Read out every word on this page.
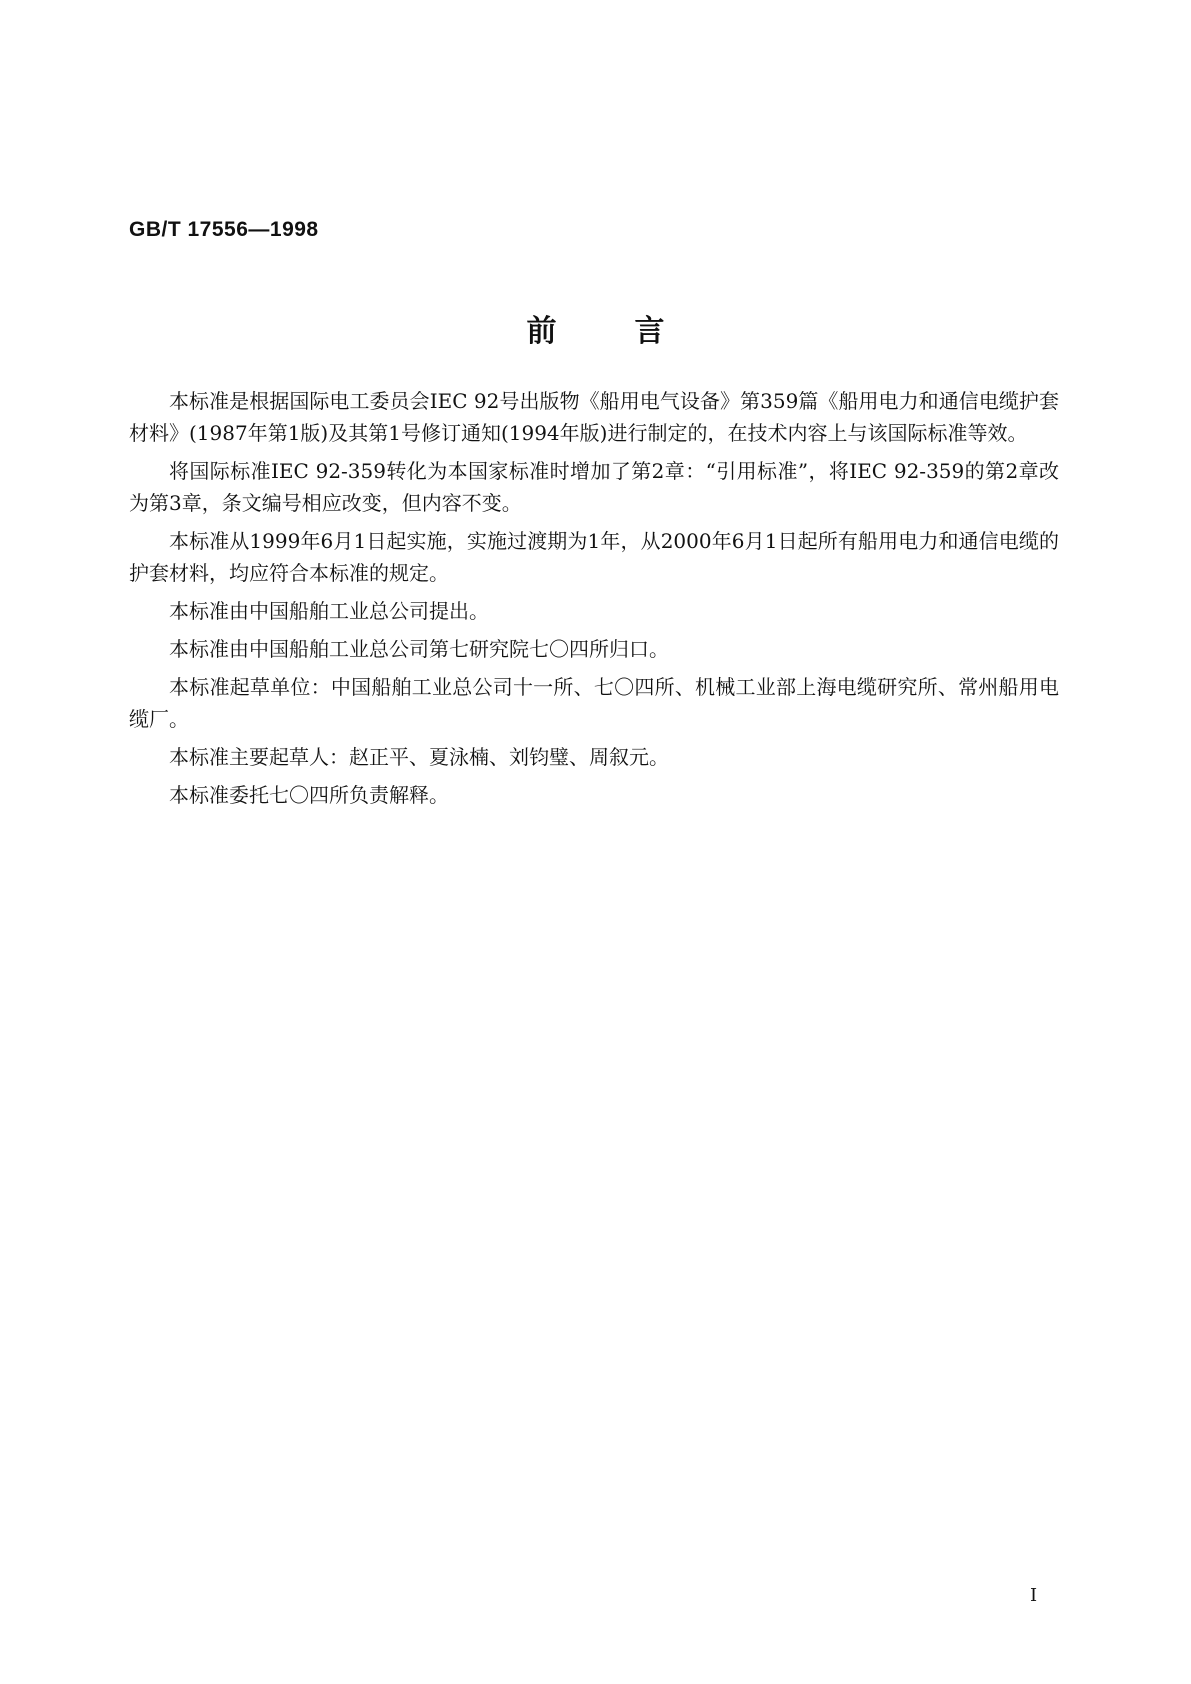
GB/T 17556—1998
前言

本标准是根据国际电工委员会IEC 92号出版物《船用电气设备》第359篇《船用电力和通信电缆护套材料》(1987年第1版)及其第1号修订通知(1994年版)进行制定的，在技术内容上与该国际标准等效。

将国际标准IEC 92-359转化为本国家标准时增加了第2章：“引用标准”，将IEC 92-359的第2章改为第3章，条文编号相应改变，但内容不变。

本标准从1999年6月1日起实施，实施过渡期为1年，从2000年6月1日起所有船用电力和通信电缆的护套材料，均应符合本标准的规定。

本标准由中国船舶工业总公司提出。

本标准由中国船舶工业总公司第七研究院七〇四所归口。

本标准起草单位：中国船舶工业总公司十一所、七〇四所、机械工业部上海电缆研究所、常州船用电缆厂。

本标准主要起草人：赵正平、夏泳楠、刘钧璧、周叙元。

本标准委托七〇四所负责解释。

I
